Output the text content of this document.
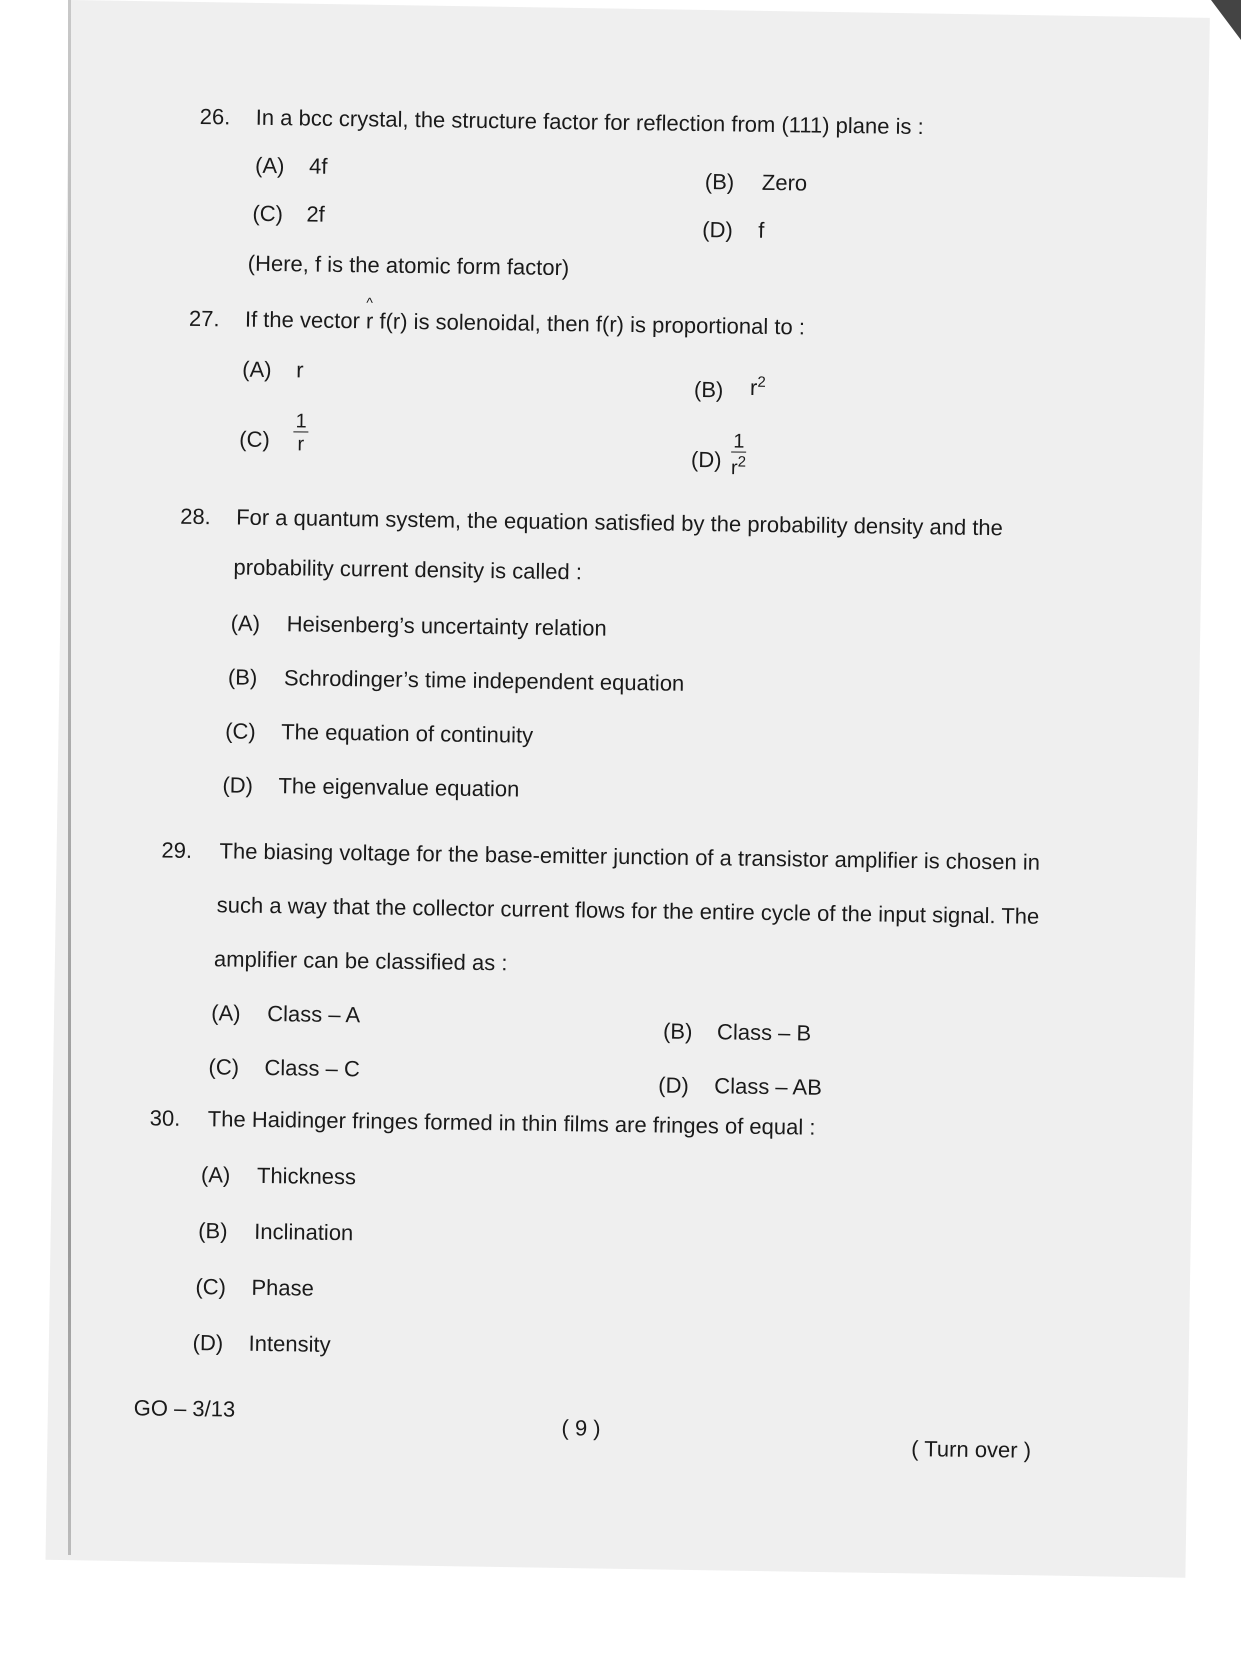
26. In a bcc crystal, the structure factor for reflection from (111) plane is :
(A) 4f
(B) Zero
(C) 2f
(D) f
(Here, f is the atomic form factor)
27. If the vector
^
r f(r) is solenoidal, then f(r) is proportional to :
(A) r
(B) $r^2$
$(C) \frac{1}{r}$
$(D) \frac{1}{r^2}$
28. For a quantum system, the equation satisfied by the probability density and the
probability current density is called :
(A) Heisenberg’s uncertainty relation
(B) Schrodinger’s time independent equation
(C) The equation of continuity
(D) The eigenvalue equation
29. The biasing voltage for the base-emitter junction of a transistor amplifier is chosen in
such a way that the collector current flows for the entire cycle of the input signal. The
amplifier can be classified as :
(A) Class – A
(B) Class – B
(C) Class – C
(D) Class – AB
30. The Haidinger fringes formed in thin films are fringes of equal :
(A) Thickness
(B) Inclination
(C) Phase
(D) Intensity
GO – 3/13
( 9 )
( Turn over )
